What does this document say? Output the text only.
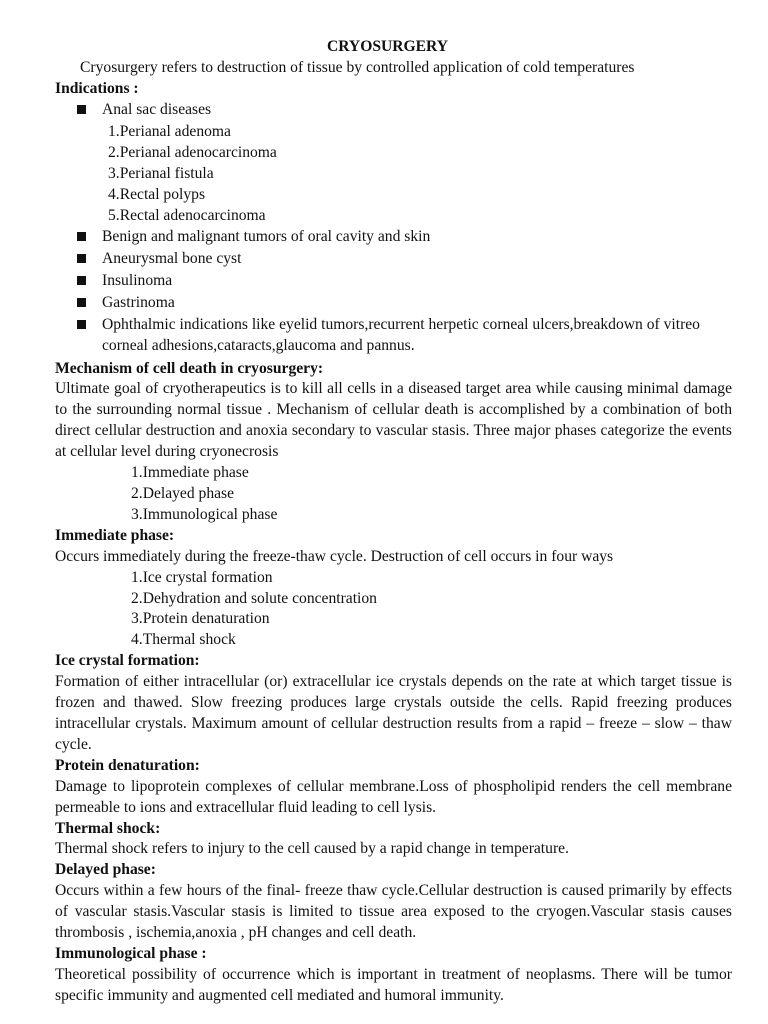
CRYOSURGERY
Cryosurgery refers to destruction of tissue by controlled application of cold temperatures
Indications :
Anal sac diseases
1.Perianal adenoma
2.Perianal adenocarcinoma
3.Perianal fistula
4.Rectal polyps
5.Rectal adenocarcinoma
Benign and malignant tumors of oral cavity and skin
Aneurysmal bone cyst
Insulinoma
Gastrinoma
Ophthalmic indications like eyelid tumors,recurrent herpetic corneal ulcers,breakdown of vitreo corneal adhesions,cataracts,glaucoma and pannus.
Mechanism of cell death in cryosurgery:
Ultimate goal of cryotherapeutics is to kill all cells in a diseased target area while causing minimal damage to the surrounding normal tissue . Mechanism of cellular death is accomplished by a combination of both direct cellular destruction and anoxia secondary to vascular stasis. Three major phases categorize the events at cellular level during cryonecrosis
1.Immediate phase
2.Delayed phase
3.Immunological phase
Immediate phase:
Occurs immediately during the freeze-thaw cycle. Destruction of cell occurs in four ways
1.Ice crystal formation
2.Dehydration and solute concentration
3.Protein denaturation
4.Thermal shock
Ice crystal formation:
Formation of either intracellular (or) extracellular ice crystals depends on the rate at which target tissue is frozen and thawed. Slow freezing produces large crystals outside the cells. Rapid freezing produces intracellular crystals. Maximum amount of cellular destruction results from a rapid – freeze – slow – thaw cycle.
Protein denaturation:
Damage to lipoprotein complexes of cellular membrane.Loss of phospholipid renders the cell membrane permeable to ions and extracellular fluid leading to cell lysis.
Thermal shock:
Thermal shock refers to injury to the cell caused by a rapid change in temperature.
Delayed phase:
Occurs within a few hours of the final- freeze thaw cycle.Cellular destruction is caused primarily by effects of vascular stasis.Vascular stasis is limited to tissue area exposed to the cryogen.Vascular stasis causes thrombosis , ischemia,anoxia , pH changes and cell death.
Immunological phase :
Theoretical possibility of occurrence which is important in treatment of neoplasms. There will be tumor specific immunity and augmented cell mediated and humoral immunity.
